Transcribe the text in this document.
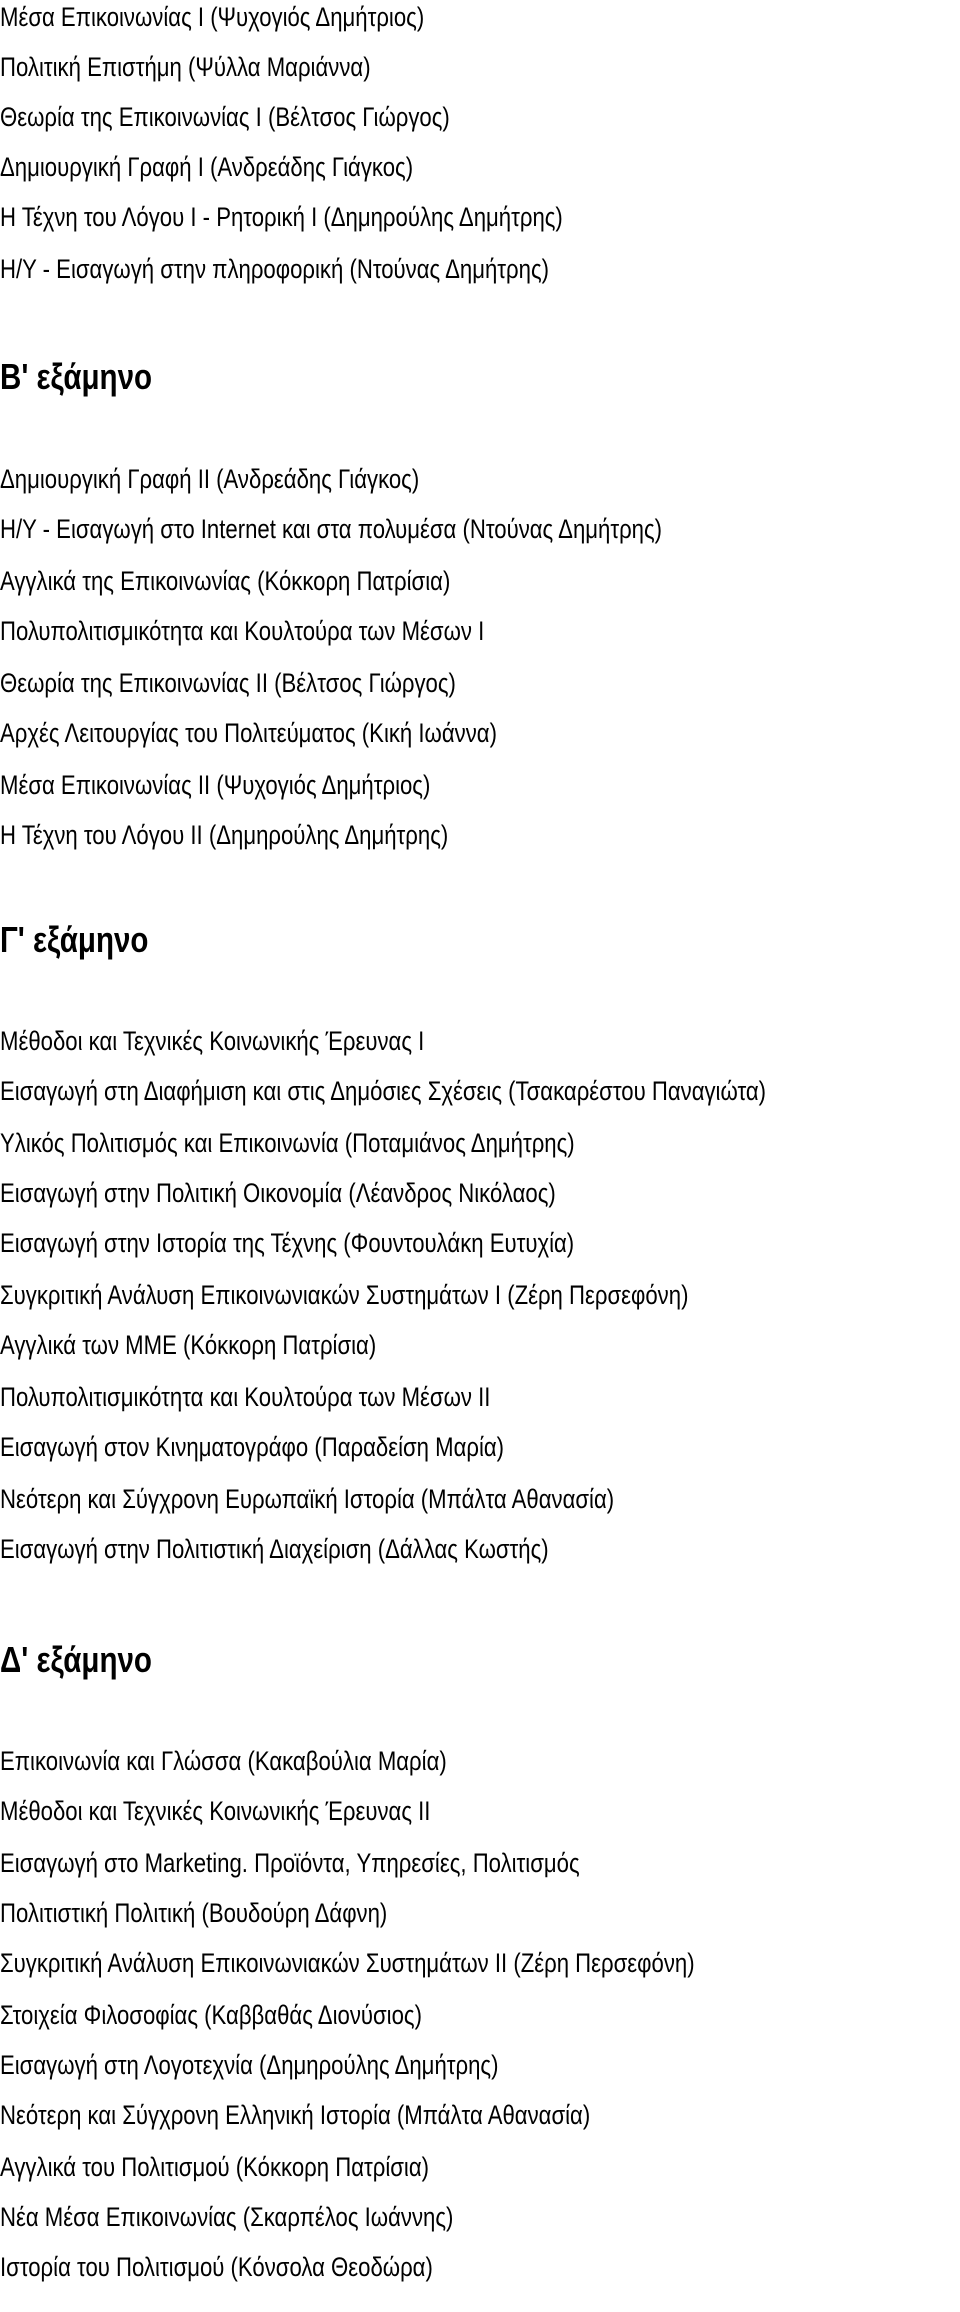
Μέσα Επικοινωνίας Ι (Ψυχογιός Δημήτριος)
Πολιτική Επιστήμη (Ψύλλα Μαριάννα)
Θεωρία της Επικοινωνίας Ι (Βέλτσος Γιώργος)
Δημιουργική Γραφή Ι (Ανδρεάδης Γιάγκος)
Η Τέχνη του Λόγου Ι - Ρητορική Ι (Δημηρούλης Δημήτρης)
Η/Υ - Εισαγωγή στην πληροφορική (Ντούνας Δημήτρης)
Β' εξάμηνο
Δημιουργική Γραφή ΙΙ (Ανδρεάδης Γιάγκος)
Η/Υ - Εισαγωγή στο Internet και στα πολυμέσα (Ντούνας Δημήτρης)
Αγγλικά της Επικοινωνίας (Κόκκορη Πατρίσια)
Πολυπολιτισμικότητα και Κουλτούρα των Μέσων Ι
Θεωρία της Επικοινωνίας ΙΙ (Βέλτσος Γιώργος)
Αρχές Λειτουργίας του Πολιτεύματος (Κική Ιωάννα)
Μέσα Επικοινωνίας ΙΙ (Ψυχογιός Δημήτριος)
Η Τέχνη του Λόγου ΙΙ (Δημηρούλης Δημήτρης)
Γ' εξάμηνο
Μέθοδοι και Τεχνικές Κοινωνικής Έρευνας Ι
Εισαγωγή στη Διαφήμιση και στις Δημόσιες Σχέσεις (Τσακαρέστου Παναγιώτα)
Υλικός Πολιτισμός και Επικοινωνία (Ποταμιάνος Δημήτρης)
Εισαγωγή στην Πολιτική Οικονομία (Λέανδρος Νικόλαος)
Εισαγωγή στην Ιστορία της Τέχνης (Φουντουλάκη Ευτυχία)
Συγκριτική Ανάλυση Επικοινωνιακών Συστημάτων Ι (Ζέρη Περσεφόνη)
Αγγλικά των ΜΜΕ (Κόκκορη Πατρίσια)
Πολυπολιτισμικότητα και Κουλτούρα των Μέσων ΙΙ
Εισαγωγή στον Κινηματογράφο (Παραδείση Μαρία)
Νεότερη και Σύγχρονη Ευρωπαϊκή Ιστορία (Μπάλτα Αθανασία)
Εισαγωγή στην Πολιτιστική Διαχείριση (Δάλλας Κωστής)
Δ' εξάμηνο
Επικοινωνία και Γλώσσα (Κακαβούλια Μαρία)
Μέθοδοι και Τεχνικές Κοινωνικής Έρευνας ΙΙ
Εισαγωγή στο Marketing. Προϊόντα, Υπηρεσίες, Πολιτισμός
Πολιτιστική Πολιτική (Βουδούρη Δάφνη)
Συγκριτική Ανάλυση Επικοινωνιακών Συστημάτων ΙΙ (Ζέρη Περσεφόνη)
Στοιχεία Φιλοσοφίας (Καββαθάς Διονύσιος)
Εισαγωγή στη Λογοτεχνία (Δημηρούλης Δημήτρης)
Νεότερη και Σύγχρονη Ελληνική Ιστορία (Μπάλτα Αθανασία)
Αγγλικά του Πολιτισμού (Κόκκορη Πατρίσια)
Νέα Μέσα Επικοινωνίας (Σκαρπέλος Ιωάννης)
Ιστορία του Πολιτισμού (Κόνσολα Θεοδώρα)
